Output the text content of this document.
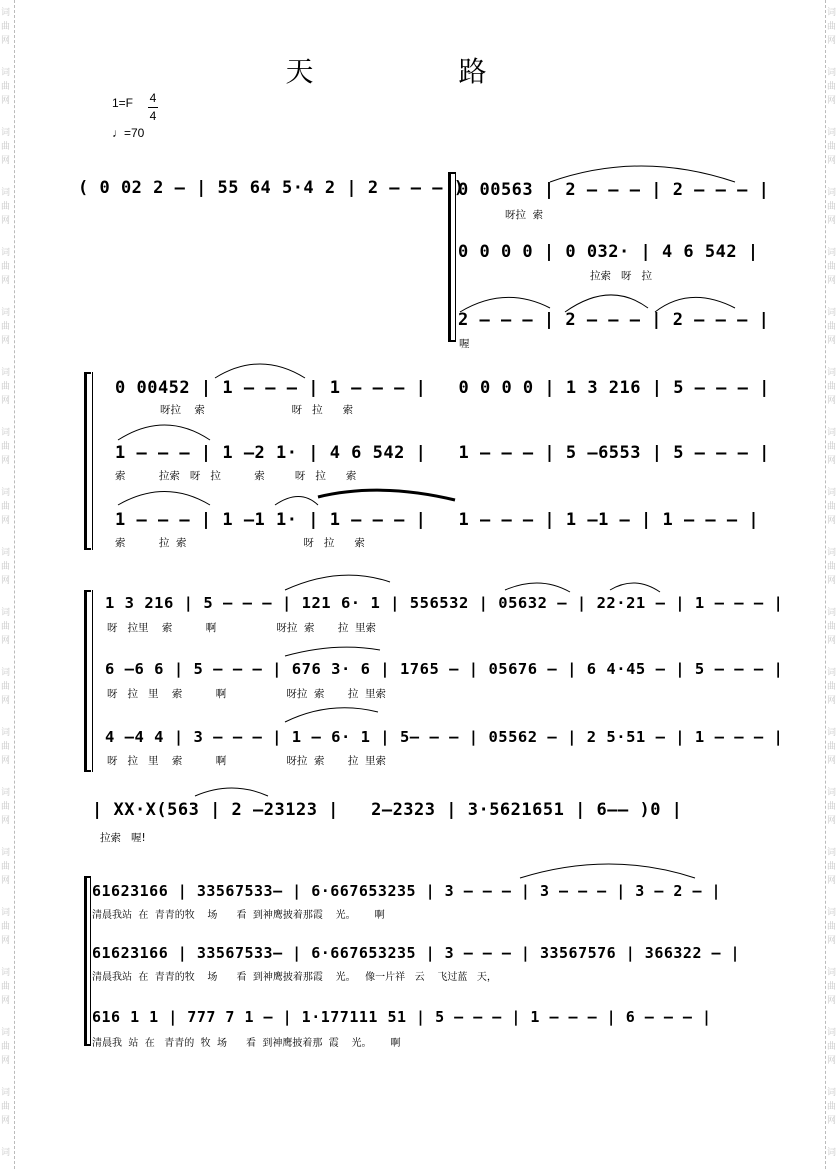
词
曲
网
词
曲
网
词
曲
网
词
曲
网
词
曲
网
词
曲
网
词
曲
网
词
曲
网
词
曲
网
词
曲
网
词
曲
网
词
曲
网
词
曲
网
词
曲
网
词
曲
网
词
曲
网
词
曲
网
词
曲
网
词
曲
网
词
词
曲
网
词
曲
网
词
曲
网
词
曲
网
词
曲
网
词
曲
网
词
曲
网
词
曲
网
词
曲
网
词
曲
网
词
曲
网
词
曲
网
词
曲
网
词
曲
网
词
曲
网
词
曲
网
词
曲
网
词
曲
网
词
曲
网
词
天 路
1=F 4
4
♩=70
( 0 02 2 – | 55 64 5·4 2 | 2 – – – )
0 00563 | 2 – – – | 2 – – – |
呀拉  索
0 0 0 0 | 0 032· | 4 6 542 |
拉索   呀   拉
2 – – – | 2 – – – | 2 – – – |
喔
0 00452 | 1 – – – | 1 – – – |   0 0 0 0 | 1 3 216 | 5 – – – |
呀拉    索                          呀   拉      索
1 – – – | 1 –2 1· | 4 6 542 |   1 – – – | 5 –6553 | 5 – – – |
索          拉索   呀   拉          索         呀   拉      索
1 – – – | 1 –1 1· | 1 – – – |   1 – – – | 1 –1 – | 1 – – – |
索          拉  索                                   呀   拉      索
1 3 216 | 5 – – – | 121 6· 1 | 556532 | 05632 – | 22·21 – | 1 – – – |
呀   拉里    索          啊                  呀拉  索       拉  里索
6 –6 6 | 5 – – – | 676 3· 6 | 1765 – | 05676 – | 6 4·45 – | 5 – – – |
呀   拉   里    索          啊                  呀拉  索       拉  里索
4 –4 4 | 3 – – – | 1 – 6· 1 | 5– – – | 05562 – | 2 5·51 – | 1 – – – |
呀   拉   里    索          啊                  呀拉  索       拉  里索
| XX·X(563 | 2 –23123 |   2–2323 | 3·5621651 | 6–– )0 |
拉索   喔!
61623166 | 33567533– | 6·667653235 | 3 – – – | 3 – – – | 3 – 2 – |
清晨我站  在  青青的牧    场      看  到神鹰披着那霞    光。      啊
61623166 | 33567533– | 6·667653235 | 3 – – – | 33567576 | 366322 – |
清晨我站  在  青青的牧    场      看  到神鹰披着那霞    光。   像一片祥   云    飞过蓝   天，
616 1 1 | 777 7 1 – | 1·177111 51 | 5 – – – | 1 – – – | 6 – – – |
清晨我  站  在   青青的  牧  场      看  到神鹰披着那  霞    光。      啊
